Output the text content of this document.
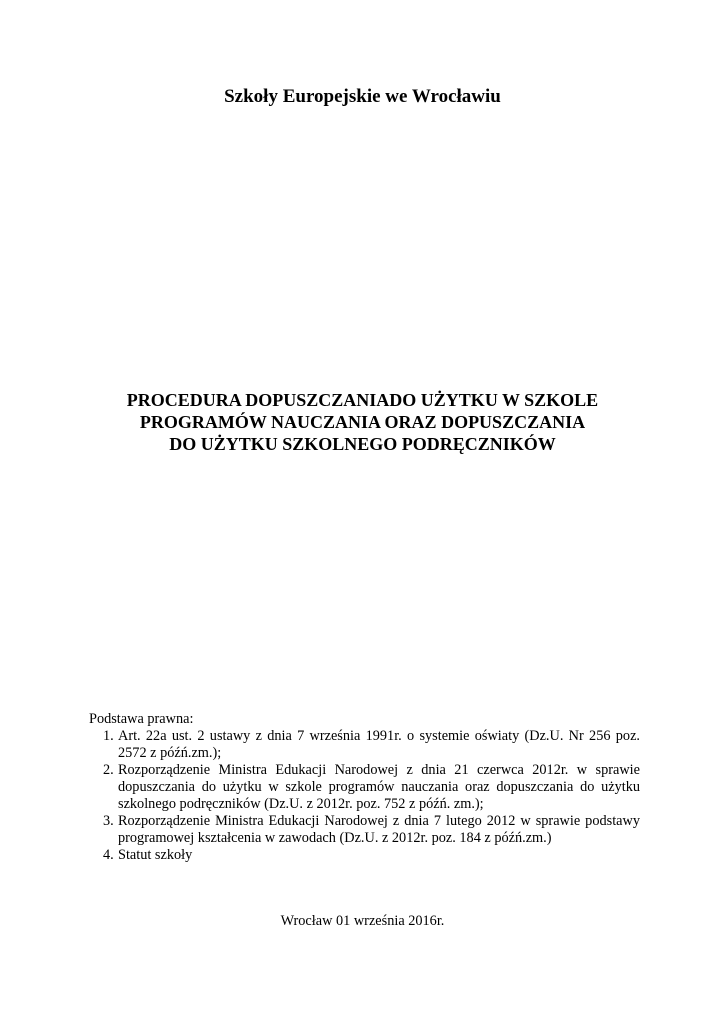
Szkoły Europejskie we Wrocławiu
PROCEDURA DOPUSZCZANIADO UŻYTKU W SZKOLE
PROGRAMÓW NAUCZANIA ORAZ DOPUSZCZANIA
DO UŻYTKU SZKOLNEGO PODRĘCZNIKÓW

Podstawa prawna:

1. Art. 22a ust. 2 ustawy z dnia 7 września 1991r. o systemie oświaty (Dz.U. Nr 256 poz. 2572 z późń.zm.);
2. Rozporządzenie Ministra Edukacji Narodowej z dnia 21 czerwca 2012r. w sprawie dopuszczania do użytku w szkole programów nauczania oraz dopuszczania do użytku szkolnego podręczników (Dz.U. z 2012r. poz. 752 z późń. zm.);
3. Rozporządzenie Ministra Edukacji Narodowej z dnia 7 lutego 2012 w sprawie podstawy programowej kształcenia w zawodach (Dz.U. z 2012r. poz. 184 z późń.zm.)
4. Statut szkoły

Wrocław 01 września 2016r.
